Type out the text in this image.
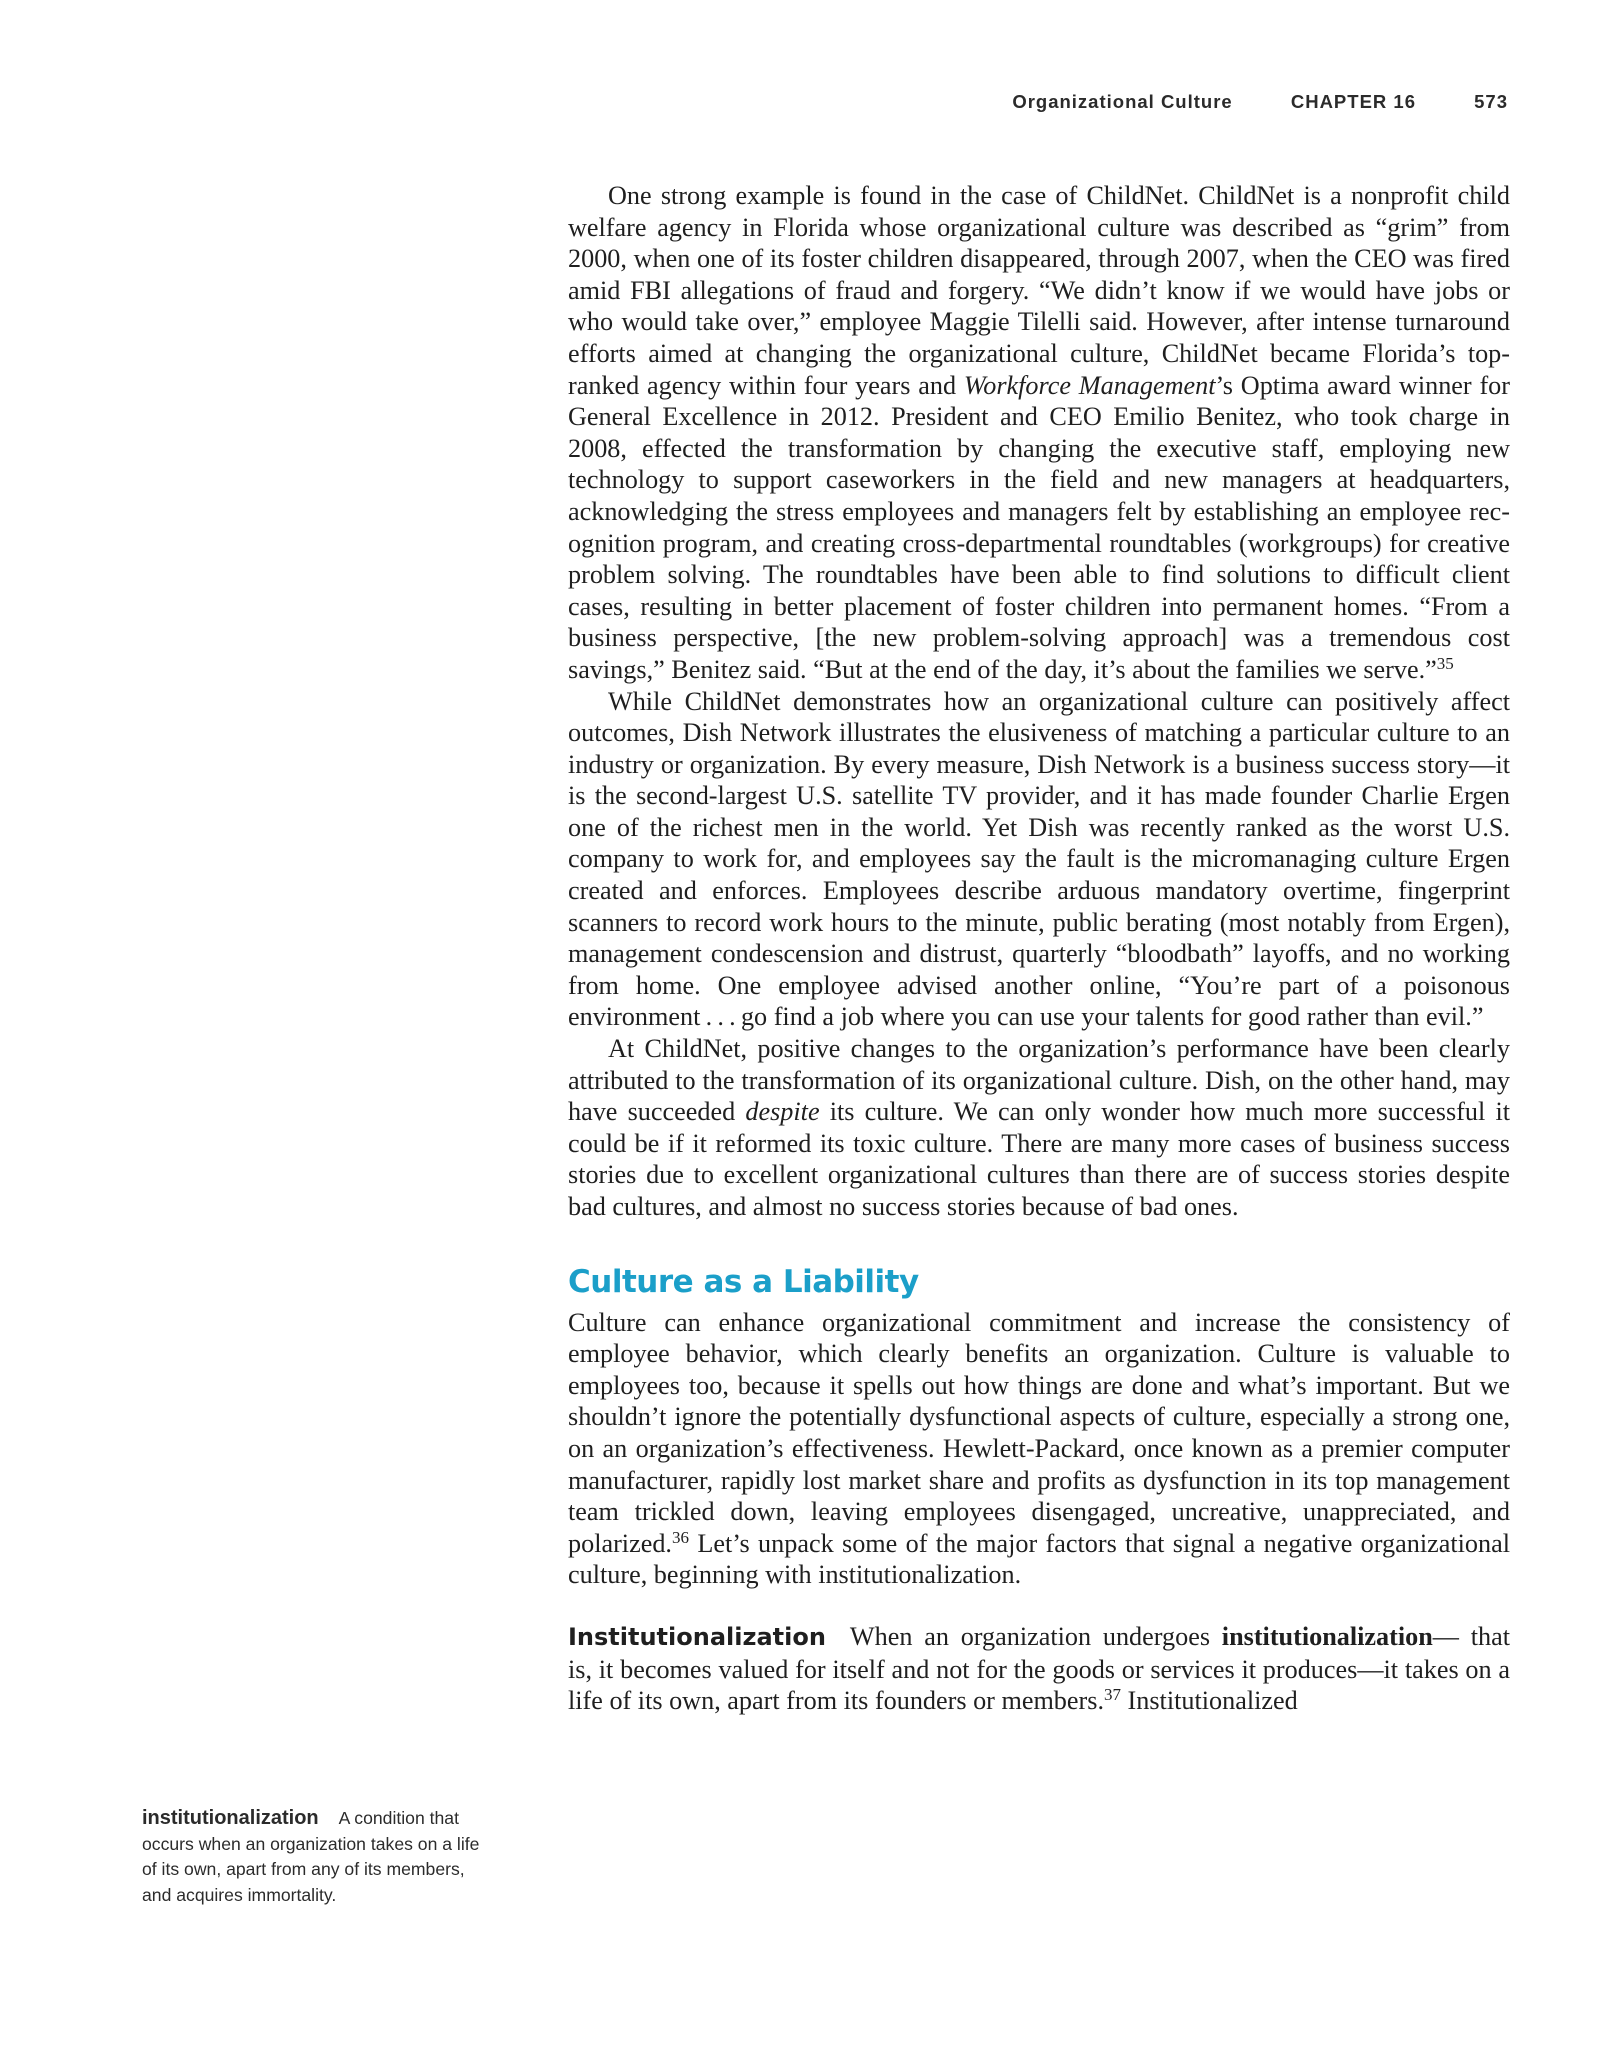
Organizational Culture	CHAPTER 16	573

One strong example is found in the case of ChildNet. ChildNet is a nonprofit child welfare agency in Florida whose organizational culture was described as “grim” from 2000, when one of its foster children disappeared, through 2007, when the CEO was fired amid FBI allegations of fraud and forgery. “We didn’t know if we would have jobs or who would take over,” employee Maggie Tilelli said. However, after intense turnaround efforts aimed at changing the organizational culture, ChildNet became Florida’s top-ranked agency within four years and Workforce Management’s Optima award winner for General Excellence in 2012. President and CEO Emilio Benitez, who took charge in 2008, effected the transformation by changing the executive staff, employing new technology to support caseworkers in the field and new managers at headquarters, acknowledging the stress employees and managers felt by establishing an employee recognition program, and creating cross-departmental roundtables (workgroups) for creative problem solving. The roundtables have been able to find solutions to difficult client cases, resulting in better placement of foster children into permanent homes. “From a business perspective, [the new problem-solving approach] was a tremendous cost savings,” Benitez said. “But at the end of the day, it’s about the families we serve.”$^{35}$

While ChildNet demonstrates how an organizational culture can positively affect outcomes, Dish Network illustrates the elusiveness of matching a particular culture to an industry or organization. By every measure, Dish Network is a business success story—it is the second-largest U.S. satellite TV provider, and it has made founder Charlie Ergen one of the richest men in the world. Yet Dish was recently ranked as the worst U.S. company to work for, and employees say the fault is the micromanaging culture Ergen created and enforces. Employees describe arduous mandatory overtime, fingerprint scanners to record work hours to the minute, public berating (most notably from Ergen), management condescension and distrust, quarterly “bloodbath” layoffs, and no working from home. One employee advised another online, “You’re part of a poisonous environment . . . go find a job where you can use your talents for good rather than evil.”

At ChildNet, positive changes to the organization’s performance have been clearly attributed to the transformation of its organizational culture. Dish, on the other hand, may have succeeded despite its culture. We can only wonder how much more successful it could be if it reformed its toxic culture. There are many more cases of business success stories due to excellent organizational cultures than there are of success stories despite bad cultures, and almost no success stories because of bad ones.

Culture as a Liability

Culture can enhance organizational commitment and increase the consistency of employee behavior, which clearly benefits an organization. Culture is valuable to employees too, because it spells out how things are done and what’s important. But we shouldn’t ignore the potentially dysfunctional aspects of culture, especially a strong one, on an organization’s effectiveness. Hewlett-Packard, once known as a premier computer manufacturer, rapidly lost market share and profits as dysfunction in its top management team trickled down, leaving employees disengaged, uncreative, unappreciated, and polarized.$^{36}$ Let’s unpack some of the major factors that signal a negative organizational culture, beginning with institutionalization.

Institutionalization When an organization undergoes institutionalization— that is, it becomes valued for itself and not for the goods or services it produces—it takes on a life of its own, apart from its founders or members.$^{37}$ Institutionalized

institutionalization A condition that occurs when an organization takes on a life of its own, apart from any of its members, and acquires immortality.
